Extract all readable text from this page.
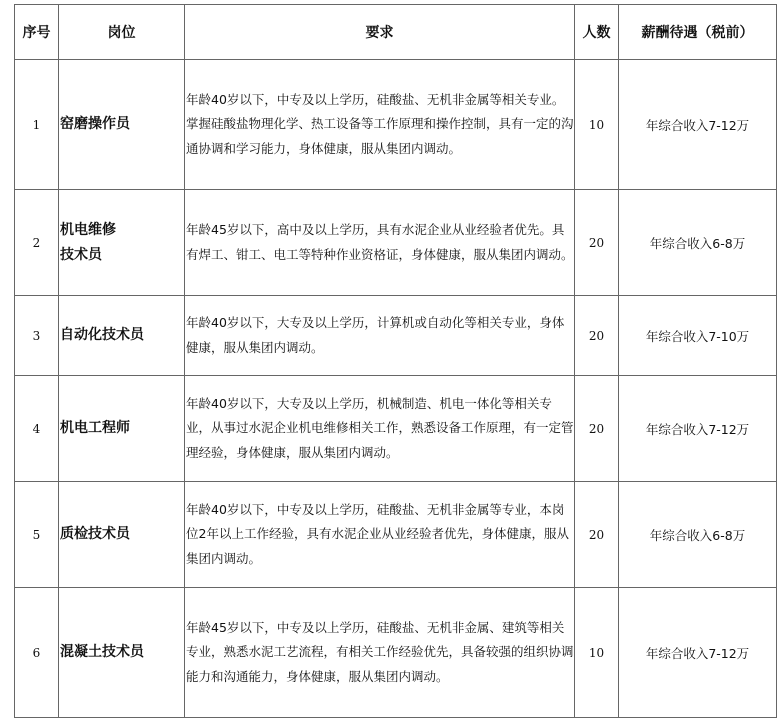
序号	岗位	要求	人数	薪酬待遇（税前）
1	窑磨操作员	年龄40岁以下，中专及以上学历，硅酸盐、无机非金属等相关专业。掌握硅酸盐物理化学、热工设备等工作原理和操作控制，具有一定的沟通协调和学习能力，身体健康，服从集团内调动。	10	年综合收入7-12万
2	机电维修技术员	年龄45岁以下，高中及以上学历，具有水泥企业从业经验者优先。具有焊工、钳工、电工等特种作业资格证，身体健康，服从集团内调动。	20	年综合收入6-8万
3	自动化技术员	年龄40岁以下，大专及以上学历，计算机或自动化等相关专业，身体健康，服从集团内调动。	20	年综合收入7-10万
4	机电工程师	年龄40岁以下，大专及以上学历，机械制造、机电一体化等相关专业，从事过水泥企业机电维修相关工作，熟悉设备工作原理，有一定管理经验，身体健康，服从集团内调动。	20	年综合收入7-12万
5	质检技术员	年龄40岁以下，中专及以上学历，硅酸盐、无机非金属等专业，本岗位2年以上工作经验，具有水泥企业从业经验者优先，身体健康，服从集团内调动。	20	年综合收入6-8万
6	混凝土技术员	年龄45岁以下，中专及以上学历，硅酸盐、无机非金属、建筑等相关专业，熟悉水泥工艺流程，有相关工作经验优先，具备较强的组织协调能力和沟通能力，身体健康，服从集团内调动。	10	年综合收入7-12万
